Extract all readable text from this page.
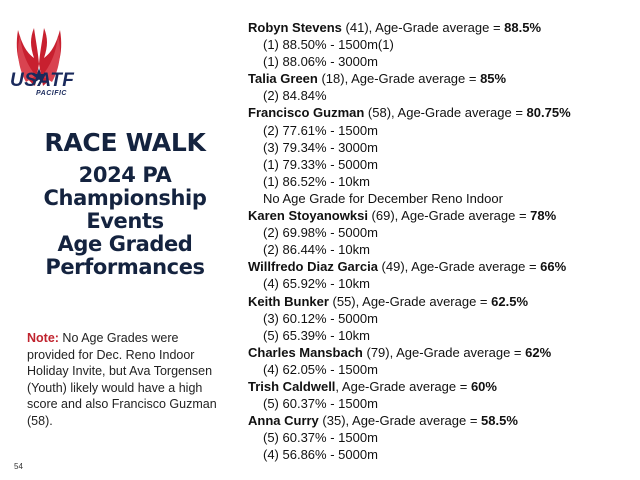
USATF
PACIFIC
RACE WALK
2024 PA
Championship
Events
Age Graded
Performances
Note: No Age Grades were provided for Dec. Reno Indoor Holiday Invite, but Ava Torgensen (Youth) likely would have a high score and also Francisco Guzman (58).
54
Robyn Stevens (41), Age-Grade average = 88.5%
(1) 88.50% - 1500m(1)
(1) 88.06% - 3000m
Talia Green (18), Age-Grade average = 85%
(2) 84.84%
Francisco Guzman (58), Age-Grade average = 80.75%
(2) 77.61% - 1500m
(3) 79.34% - 3000m
(1) 79.33% - 5000m
(1) 86.52% - 10km
No Age Grade for December Reno Indoor
Karen Stoyanowksi (69), Age-Grade average = 78%
(2) 69.98% - 5000m
(2) 86.44% - 10km
Willfredo Diaz Garcia (49), Age-Grade average = 66%
(4) 65.92% - 10km
Keith Bunker (55), Age-Grade average = 62.5%
(3) 60.12% - 5000m
(5) 65.39% - 10km
Charles Mansbach (79), Age-Grade average = 62%
(4) 62.05% - 1500m
Trish Caldwell, Age-Grade average = 60%
(5) 60.37% - 1500m
Anna Curry (35), Age-Grade average = 58.5%
(5) 60.37% - 1500m
(4) 56.86% - 5000m
